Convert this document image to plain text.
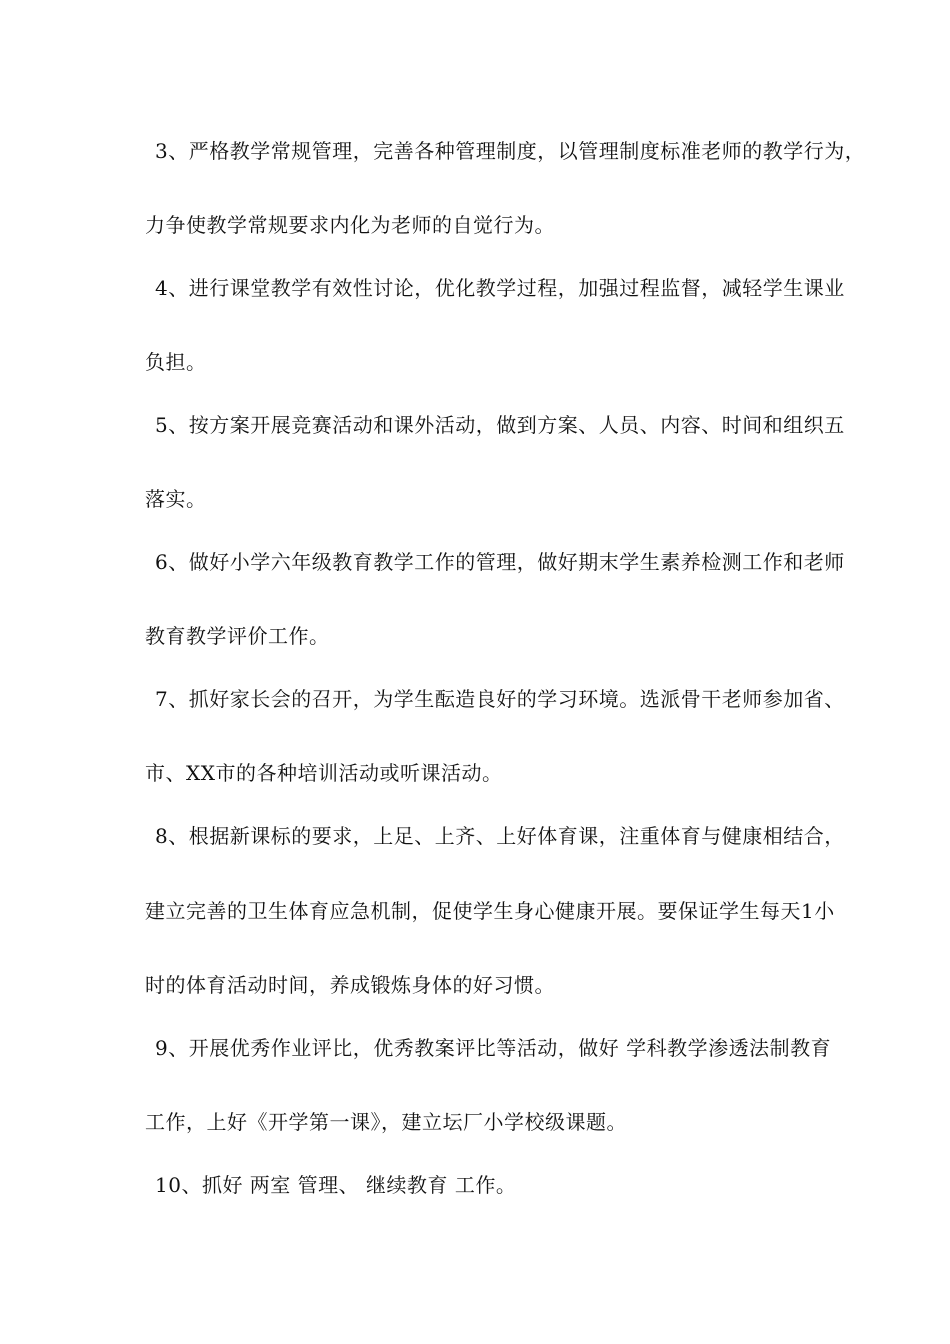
3、严格教学常规管理，完善各种管理制度，以管理制度标准老师的教学行为，
力争使教学常规要求内化为老师的自觉行为。
4、进行课堂教学有效性讨论，优化教学过程，加强过程监督，减轻学生课业
负担。
5、按方案开展竞赛活动和课外活动，做到方案、人员、内容、时间和组织五
落实。
6、做好小学六年级教育教学工作的管理，做好期末学生素养检测工作和老师
教育教学评价工作。
7、抓好家长会的召开，为学生酝造良好的学习环境。选派骨干老师参加省、
市、XX市的各种培训活动或听课活动。
8、根据新课标的要求，上足、上齐、上好体育课，注重体育与健康相结合，
建立完善的卫生体育应急机制，促使学生身心健康开展。要保证学生每天1小
时的体育活动时间，养成锻炼身体的好习惯。
9、开展优秀作业评比，优秀教案评比等活动，做好 学科教学渗透法制教育
工作，上好《开学第一课》，建立坛厂小学校级课题。
10、抓好 两室 管理、 继续教育 工作。
